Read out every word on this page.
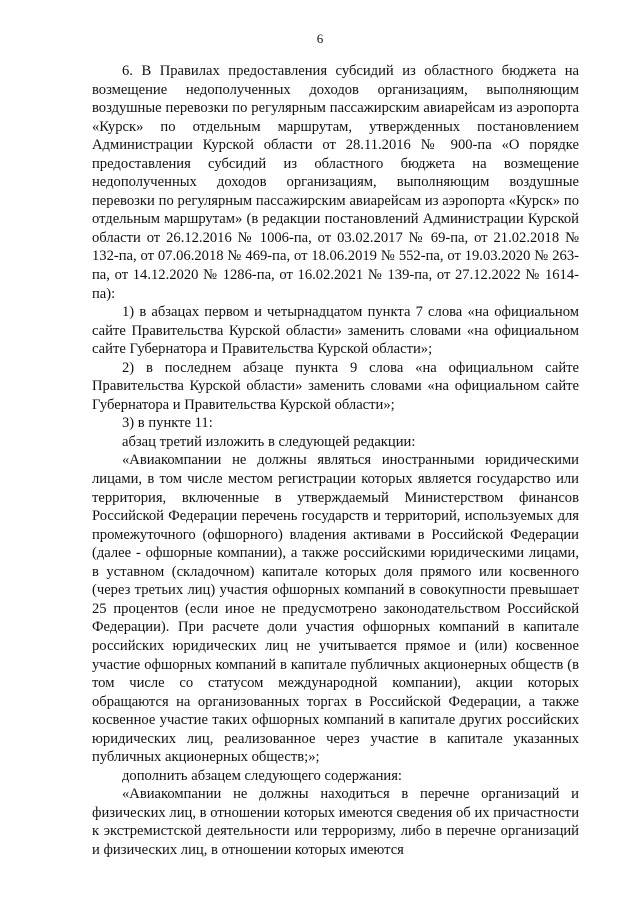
6

6. В Правилах предоставления субсидий из областного бюджета на возмещение недополученных доходов организациям, выполняющим воздушные перевозки по регулярным пассажирским авиарейсам из аэропорта «Курск» по отдельным маршрутам, утвержденных постановлением Администрации Курской области от 28.11.2016 № 900-па «О порядке предоставления субсидий из областного бюджета на возмещение недополученных доходов организациям, выполняющим воздушные перевозки по регулярным пассажирским авиарейсам из аэропорта «Курск» по отдельным маршрутам» (в редакции постановлений Администрации Курской области от 26.12.2016 № 1006-па, от 03.02.2017 № 69-па, от 21.02.2018 № 132-па, от 07.06.2018 № 469-па, от 18.06.2019 № 552-па, от 19.03.2020 № 263-па, от 14.12.2020 № 1286-па, от 16.02.2021 № 139-па, от 27.12.2022 № 1614-па):

1) в абзацах первом и четырнадцатом пункта 7 слова «на официальном сайте Правительства Курской области» заменить словами «на официальном сайте Губернатора и Правительства Курской области»;

2) в последнем абзаце пункта 9 слова «на официальном сайте Правительства Курской области» заменить словами «на официальном сайте Губернатора и Правительства Курской области»;

3) в пункте 11:

абзац третий изложить в следующей редакции:

«Авиакомпании не должны являться иностранными юридическими лицами, в том числе местом регистрации которых является государство или территория, включенные в утверждаемый Министерством финансов Российской Федерации перечень государств и территорий, используемых для промежуточного (офшорного) владения активами в Российской Федерации (далее - офшорные компании), а также российскими юридическими лицами, в уставном (складочном) капитале которых доля прямого или косвенного (через третьих лиц) участия офшорных компаний в совокупности превышает 25 процентов (если иное не предусмотрено законодательством Российской Федерации). При расчете доли участия офшорных компаний в капитале российских юридических лиц не учитывается прямое и (или) косвенное участие офшорных компаний в капитале публичных акционерных обществ (в том числе со статусом международной компании), акции которых обращаются на организованных торгах в Российской Федерации, а также косвенное участие таких офшорных компаний в капитале других российских юридических лиц, реализованное через участие в капитале указанных публичных акционерных обществ;»;

дополнить абзацем следующего содержания:

«Авиакомпании не должны находиться в перечне организаций и физических лиц, в отношении которых имеются сведения об их причастности к экстремистской деятельности или терроризму, либо в перечне организаций и физических лиц, в отношении которых имеются
